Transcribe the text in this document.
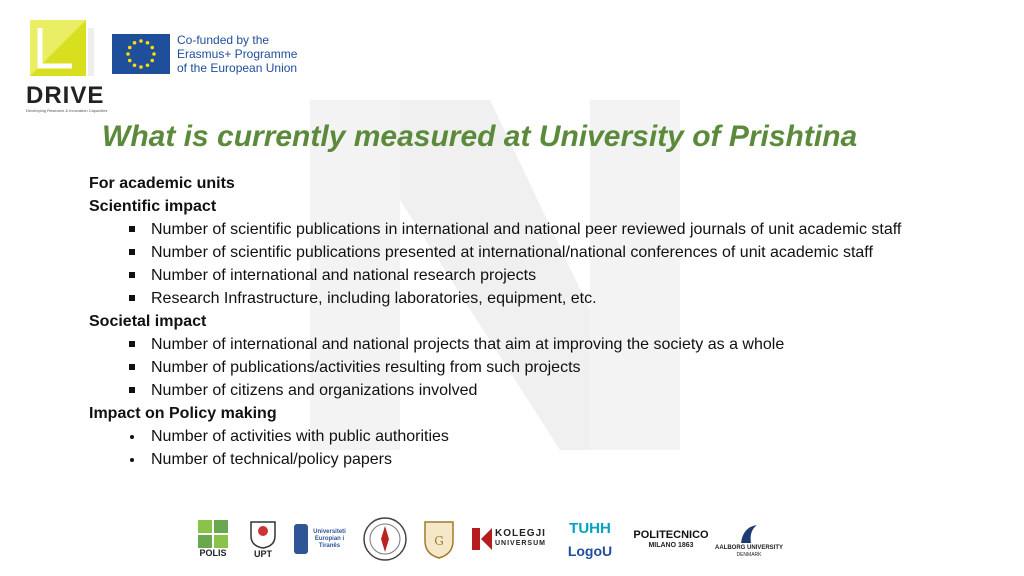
DRIVE
Developing Research & Innovation Capacities
Co-funded by the
Erasmus+ Programme
of the European Union
What is currently measured at University of Prishtina
For academic units
Scientific impact
Number of scientific publications in international and national peer reviewed journals of unit academic staff
Number of scientific publications presented at international/national conferences of unit academic staff
Number of international and national research projects
Research Infrastructure, including laboratories, equipment, etc.
Societal impact
Number of international and national projects that aim at improving the society as a whole
Number of publications/activities resulting from such projects
Number of citizens and organizations involved
Impact on Policy making
Number of activities with public authorities
Number of technical/policy papers
POLIS	UPT
Universiteti Europian i Tiranës	G
KOLEGJI
UNIVERSUM
TUHH
LogoU
POLITECNICO
MILANO 1863	AALBORG UNIVERSITY
DENMARK
